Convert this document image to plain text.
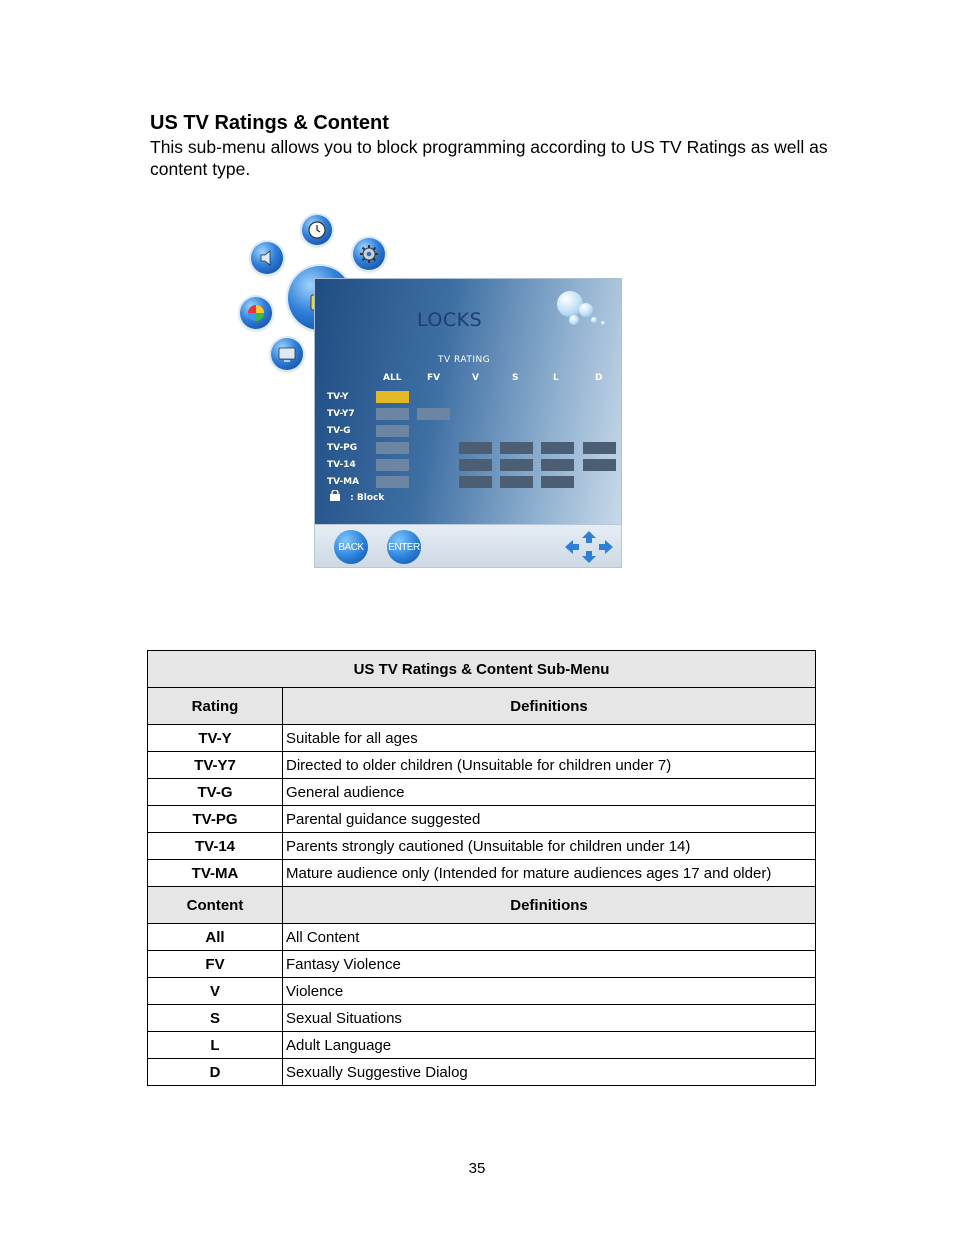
US TV Ratings & Content

This sub-menu allows you to block programming according to US TV Ratings as well as content type.

LOCKS
TV RATING
ALL	FV	V	S	L	D
TV-Y
TV-Y7
TV-G
TV-PG
TV-14
TV-MA
: Block
BACK	ENTER
US TV Ratings & Content Sub-Menu	
Rating	Definitions
TV-Y	Suitable for all ages
TV-Y7	Directed to older children (Unsuitable for children under 7)
TV-G	General audience
TV-PG	Parental guidance suggested
TV-14	Parents strongly cautioned (Unsuitable for children under 14)
TV-MA	Mature audience only (Intended for mature audiences ages 17 and older)
Content	Definitions
All	All Content
FV	Fantasy Violence
V	Violence
S	Sexual Situations
L	Adult Language
D	Sexually Suggestive Dialog
35
